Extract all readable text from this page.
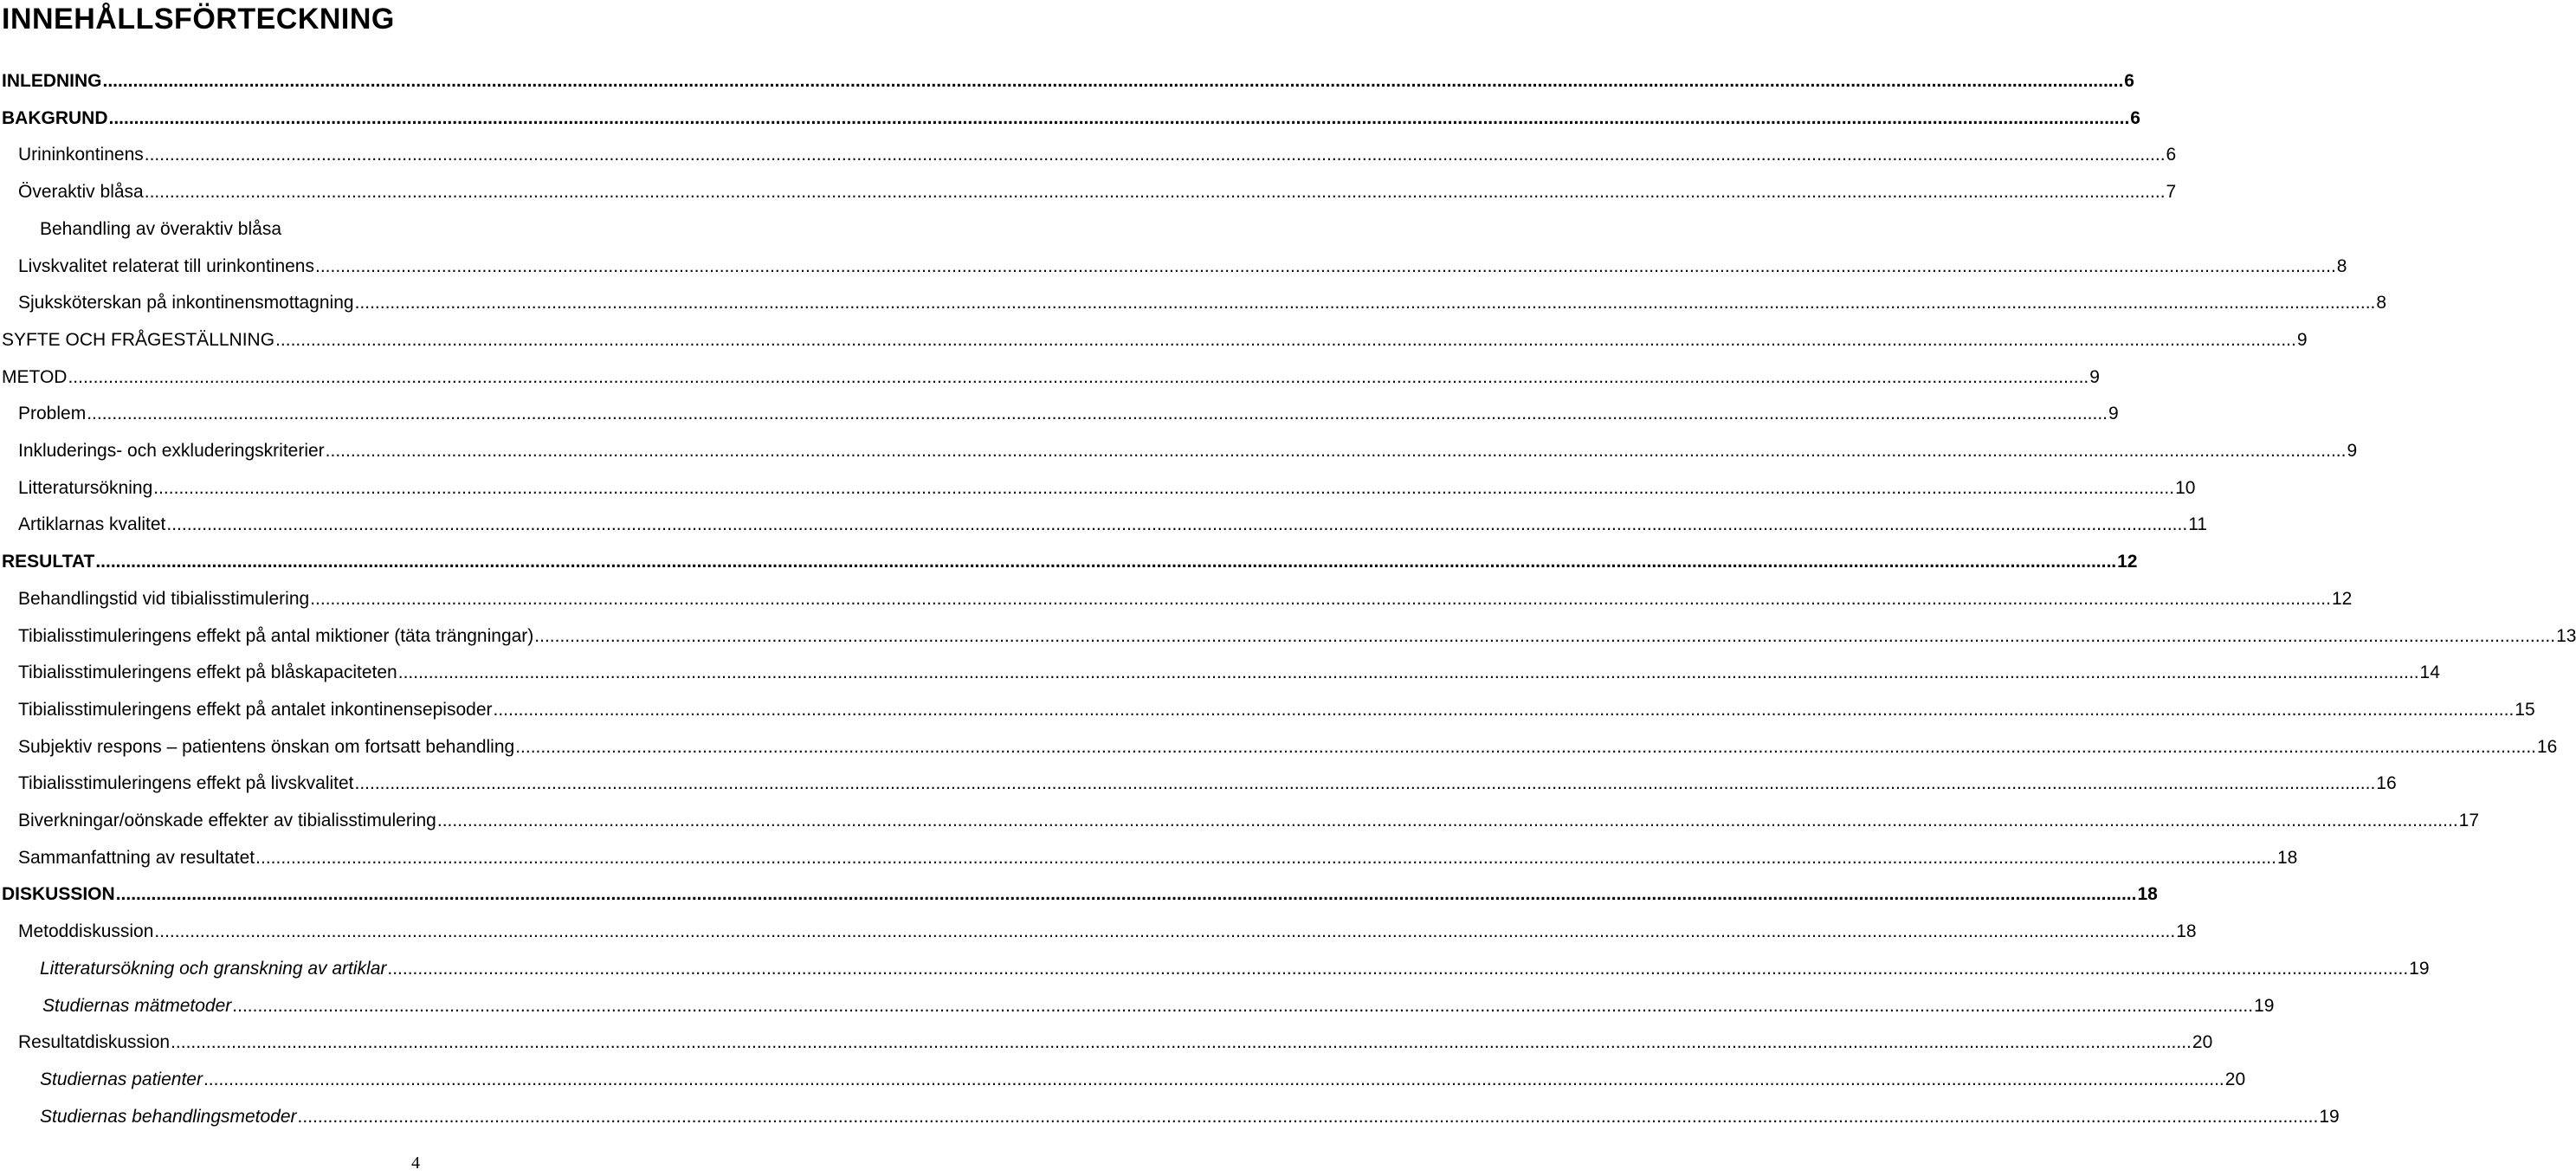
INNEHÅLLSFÖRTECKNING
INLEDNING ................................................................................................................................................................................................................................................................................................................................................................................................................ 6
BAKGRUND ................................................................................................................................................................................................................................................................................................................................................................................................................ 6
Urininkontinens ................................................................................................................................................................................................................................................................................................................................................................................................................ 6
Överaktiv blåsa ................................................................................................................................................................................................................................................................................................................................................................................................................ 7
Behandling av överaktiv blåsa
Livskvalitet relaterat till urinkontinens ................................................................................................................................................................................................................................................................................................................................................................................................................ 8
Sjuksköterskan på inkontinensmottagning ................................................................................................................................................................................................................................................................................................................................................................................................................ 8
SYFTE OCH FRÅGESTÄLLNING ................................................................................................................................................................................................................................................................................................................................................................................................................ 9
METOD ................................................................................................................................................................................................................................................................................................................................................................................................................ 9
Problem ................................................................................................................................................................................................................................................................................................................................................................................................................ 9
Inkluderings- och exkluderingskriterier ................................................................................................................................................................................................................................................................................................................................................................................................................ 9
Litteratursökning ................................................................................................................................................................................................................................................................................................................................................................................................................ 10
Artiklarnas kvalitet ................................................................................................................................................................................................................................................................................................................................................................................................................ 11
RESULTAT ................................................................................................................................................................................................................................................................................................................................................................................................................ 12
Behandlingstid vid tibialisstimulering ................................................................................................................................................................................................................................................................................................................................................................................................................ 12
Tibialisstimuleringens effekt på antal miktioner (täta trängningar) ................................................................................................................................................................................................................................................................................................................................................................................................................ 13
Tibialisstimuleringens effekt på blåskapaciteten ................................................................................................................................................................................................................................................................................................................................................................................................................ 14
Tibialisstimuleringens effekt på antalet inkontinensepisoder ................................................................................................................................................................................................................................................................................................................................................................................................................ 15
Subjektiv respons – patientens önskan om fortsatt behandling ................................................................................................................................................................................................................................................................................................................................................................................................................ 16
Tibialisstimuleringens effekt på livskvalitet ................................................................................................................................................................................................................................................................................................................................................................................................................ 16
Biverkningar/oönskade effekter av tibialisstimulering ................................................................................................................................................................................................................................................................................................................................................................................................................ 17
Sammanfattning av resultatet ................................................................................................................................................................................................................................................................................................................................................................................................................ 18
DISKUSSION ................................................................................................................................................................................................................................................................................................................................................................................................................ 18
Metoddiskussion ................................................................................................................................................................................................................................................................................................................................................................................................................ 18
Litteratursökning och granskning av artiklar ................................................................................................................................................................................................................................................................................................................................................................................................................ 19
Studiernas mätmetoder ................................................................................................................................................................................................................................................................................................................................................................................................................ 19
Resultatdiskussion ................................................................................................................................................................................................................................................................................................................................................................................................................ 20
Studiernas patienter ................................................................................................................................................................................................................................................................................................................................................................................................................ 20
Studiernas behandlingsmetoder ................................................................................................................................................................................................................................................................................................................................................................................................................ 19
4
